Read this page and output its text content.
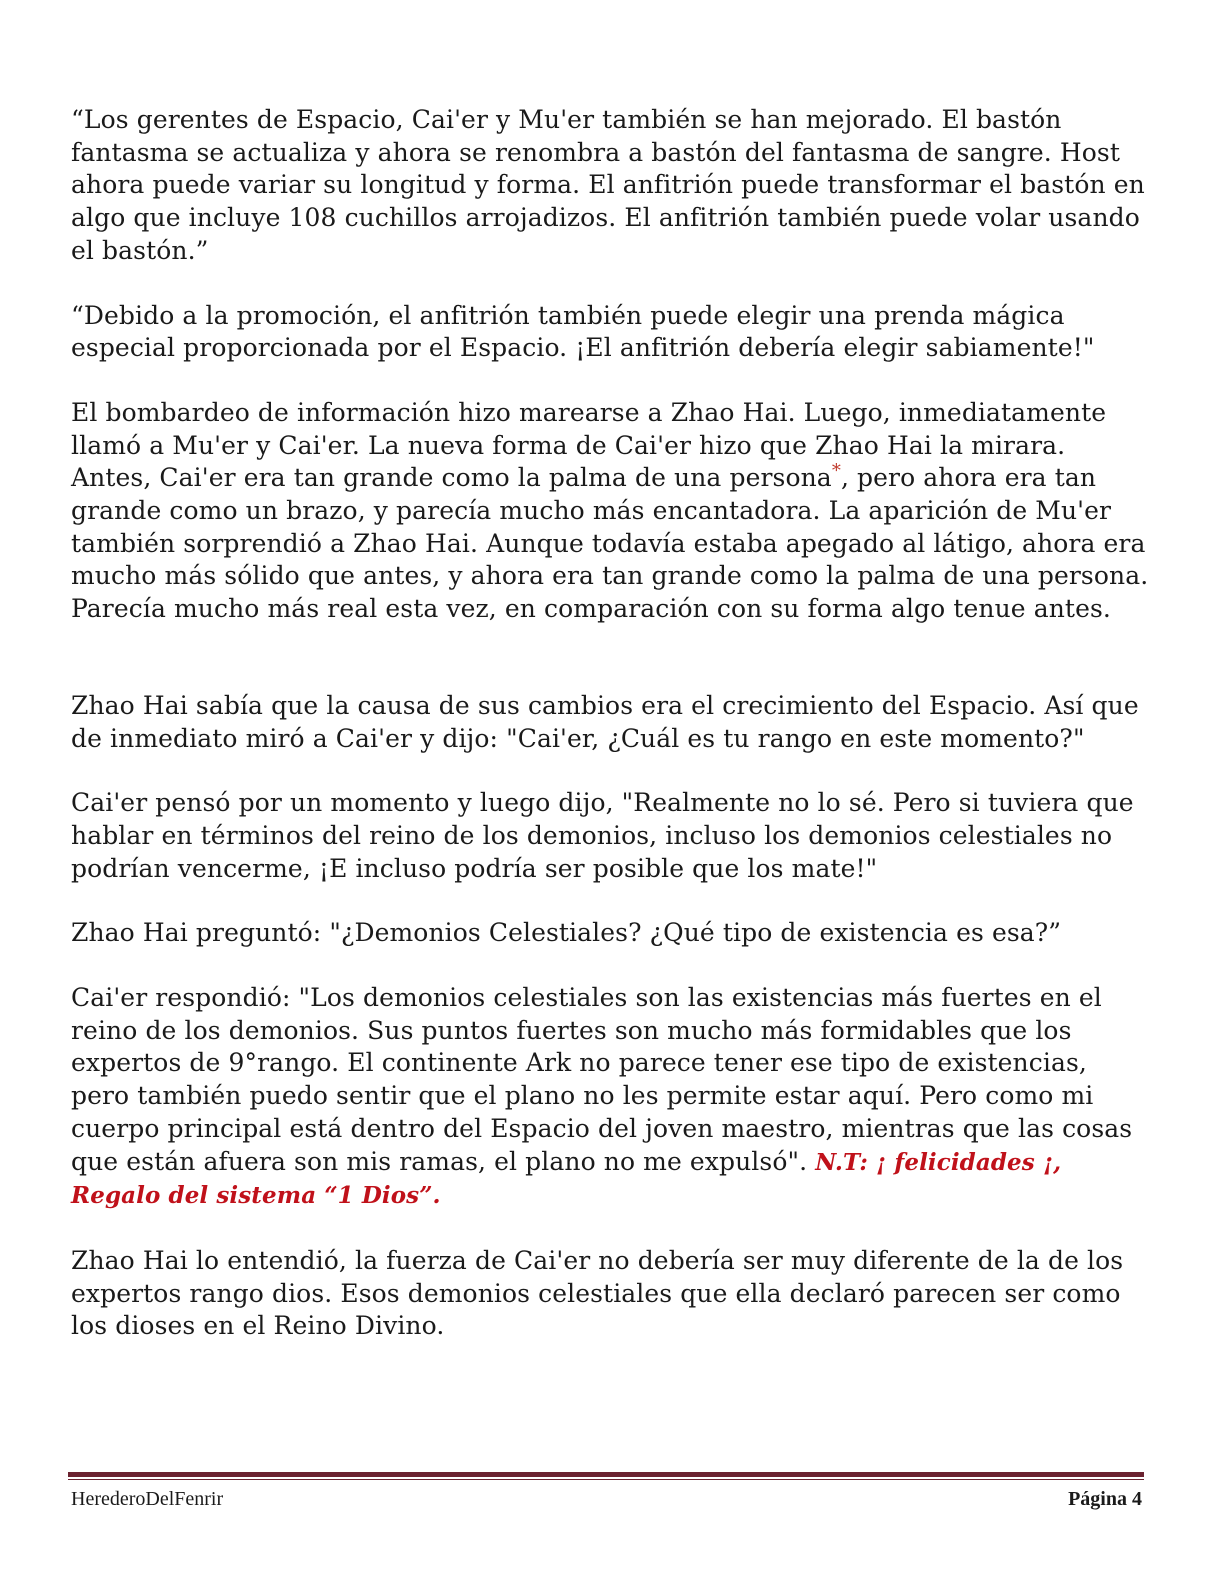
“Los gerentes de Espacio, Cai'er y Mu'er también se han mejorado. El bastón fantasma se actualiza y ahora se renombra a bastón del fantasma de sangre. Host ahora puede variar su longitud y forma. El anfitrión puede transformar el bastón en algo que incluye 108 cuchillos arrojadizos. El anfitrión también puede volar usando el bastón.”

“Debido a la promoción, el anfitrión también puede elegir una prenda mágica especial proporcionada por el Espacio. ¡El anfitrión debería elegir sabiamente!"

El bombardeo de información hizo marearse a Zhao Hai. Luego, inmediatamente llamó a Mu'er y Cai'er. La nueva forma de Cai'er hizo que Zhao Hai la mirara. Antes, Cai'er era tan grande como la palma de una persona*, pero ahora era tan grande como un brazo, y parecía mucho más encantadora. La aparición de Mu'er también sorprendió a Zhao Hai. Aunque todavía estaba apegado al látigo, ahora era mucho más sólido que antes, y ahora era tan grande como la palma de una persona. Parecía mucho más real esta vez, en comparación con su forma algo tenue antes.

Zhao Hai sabía que la causa de sus cambios era el crecimiento del Espacio. Así que de inmediato miró a Cai'er y dijo: "Cai'er, ¿Cuál es tu rango en este momento?"

Cai'er pensó por un momento y luego dijo, "Realmente no lo sé. Pero si tuviera que hablar en términos del reino de los demonios, incluso los demonios celestiales no podrían vencerme, ¡E incluso podría ser posible que los mate!"

Zhao Hai preguntó: "¿Demonios Celestiales? ¿Qué tipo de existencia es esa?”

Cai'er respondió: "Los demonios celestiales son las existencias más fuertes en el reino de los demonios. Sus puntos fuertes son mucho más formidables que los expertos de 9°rango. El continente Ark no parece tener ese tipo de existencias, pero también puedo sentir que el plano no les permite estar aquí. Pero como mi cuerpo principal está dentro del Espacio del joven maestro, mientras que las cosas que están afuera son mis ramas, el plano no me expulsó". N.T: ¡ felicidades ¡, Regalo del sistema “1 Dios”.

Zhao Hai lo entendió, la fuerza de Cai'er no debería ser muy diferente de la de los expertos rango dios. Esos demonios celestiales que ella declaró parecen ser como los dioses en el Reino Divino.

HerederoDelFenrir	Página 4
